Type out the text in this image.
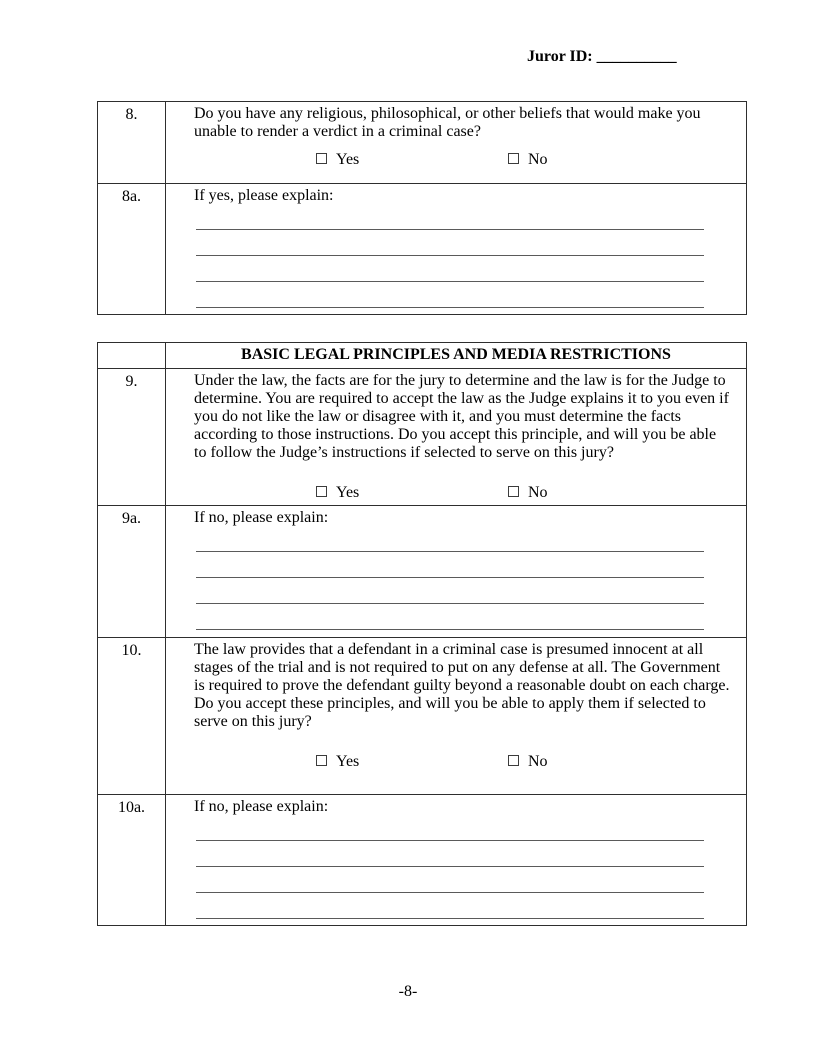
Juror ID: __________
8.	Do you have any religious, philosophical, or other beliefs that would make you unable to render a verdict in a criminal case?

Yes	No
8a.	If yes, please explain:

BASIC LEGAL PRINCIPLES AND MEDIA RESTRICTIONS
9.	Under the law, the facts are for the jury to determine and the law is for the Judge to determine. You are required to accept the law as the Judge explains it to you even if you do not like the law or disagree with it, and you must determine the facts according to those instructions. Do you accept this principle, and will you be able to follow the Judge’s instructions if selected to serve on this jury?

Yes	No
9a.	If no, please explain:

10.	The law provides that a defendant in a criminal case is presumed innocent at all stages of the trial and is not required to put on any defense at all. The Government is required to prove the defendant guilty beyond a reasonable doubt on each charge. Do you accept these principles, and will you be able to apply them if selected to serve on this jury?

Yes	No
10a.	If no, please explain:

-8-
